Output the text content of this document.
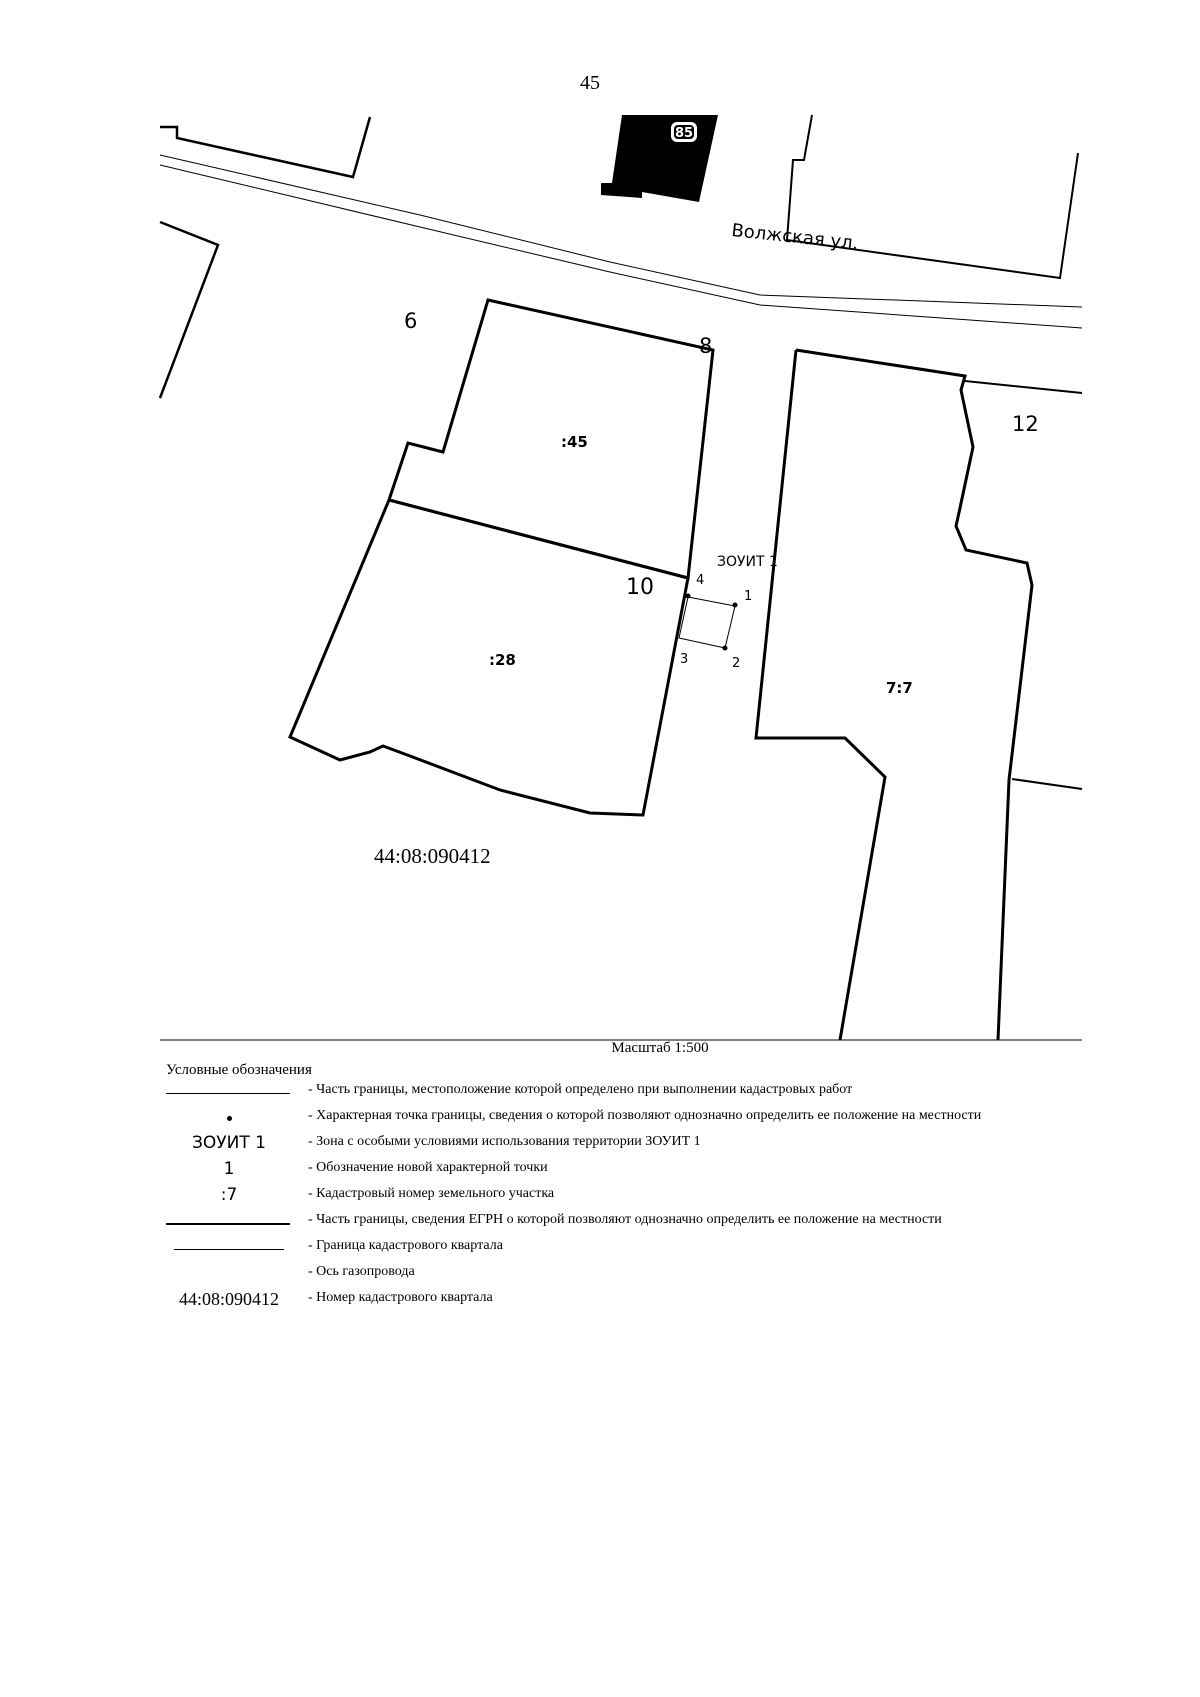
45
85
Волжская ул.
6
8
10
12
:45
:28
7:7
ЗОУИТ 1
1
2
3
4
44:08:090412
Масштаб 1:500
Условные обозначения
- Часть границы, местоположение которой определено при выполнении кадастровых работ
- Характерная точка границы, сведения о которой позволяют однозначно определить ее положение на местности
ЗОУИТ 1	- Зона с особыми условиями использования территории ЗОУИТ 1
1	- Обозначение новой характерной точки
:7	- Кадастровый номер земельного участка
- Часть границы, сведения ЕГРН о которой позволяют однозначно определить ее положение на местности
- Граница кадастрового квартала
- Ось газопровода
44:08:090412	- Номер кадастрового квартала
